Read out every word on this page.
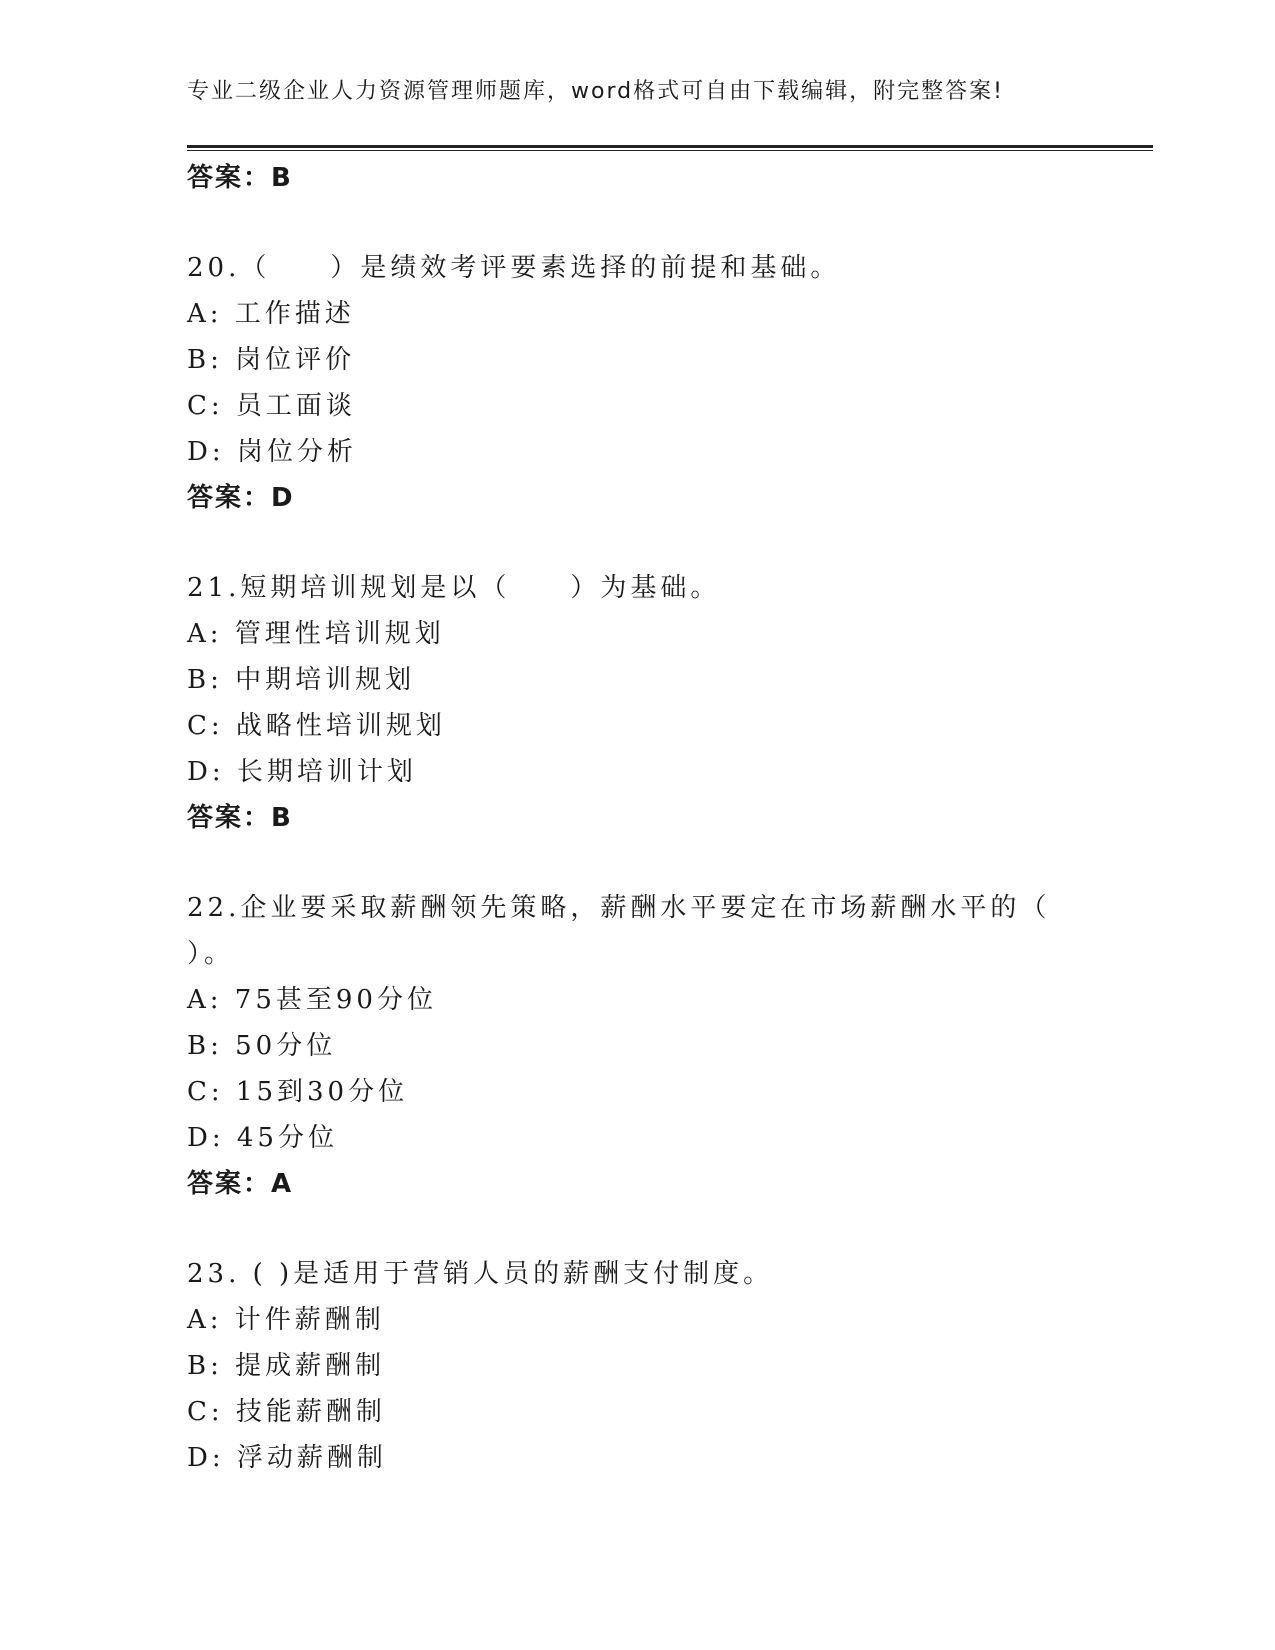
专业二级企业人力资源管理师题库，word格式可自由下载编辑，附完整答案!
答案：B
20.（　　）是绩效考评要素选择的前提和基础。
A: 工作描述
B: 岗位评价
C: 员工面谈
D: 岗位分析
答案：D
21.短期培训规划是以（　　）为基础。
A: 管理性培训规划
B: 中期培训规划
C: 战略性培训规划
D: 长期培训计划
答案：B
22.企业要采取薪酬领先策略，薪酬水平要定在市场薪酬水平的（
）。
A: 75甚至90分位
B: 50分位
C: 15到30分位
D: 45分位
答案：A
23. ( )是适用于营销人员的薪酬支付制度。
A: 计件薪酬制
B: 提成薪酬制
C: 技能薪酬制
D: 浮动薪酬制
